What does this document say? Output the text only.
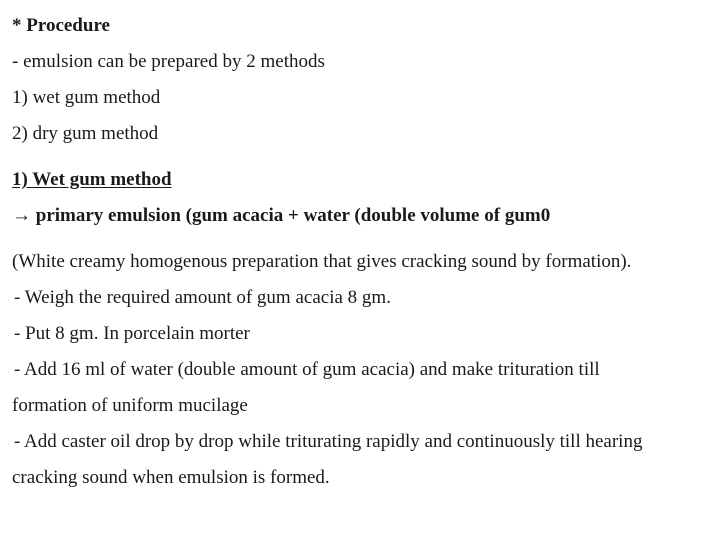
* Procedure
- emulsion can be prepared by 2 methods
1) wet gum method
2) dry gum method
1) Wet gum method
→ primary emulsion (gum acacia + water (double volume of gum0
(White creamy homogenous preparation that gives cracking sound by formation).
- Weigh the required amount of gum acacia 8 gm.
- Put 8 gm. In porcelain morter
- Add 16 ml of water (double amount of gum acacia) and make trituration till
formation of uniform mucilage
- Add caster oil drop by drop while triturating rapidly and continuously till hearing
cracking sound when emulsion is formed.
